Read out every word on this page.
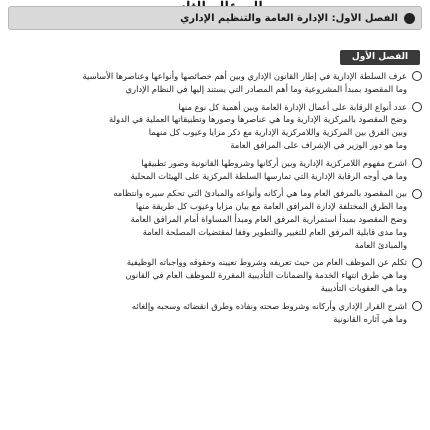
الفصل الأول: الإدارة العامة والتنظيم الإداري
الفصل الأول
عرف السلطة الإدارية في إطار القانون الإداري وبين أهم خصائصها وأنواعها وعناصرها الأساسية
وما المقصود بمبدأ المشروعية وما أهم المصادر التي يستند إليها في النظام الإداري
عدد أنواع الرقابة على أعمال الإدارة العامة وبين أهمية كل نوع منها
وضح المقصود بالمركزية الإدارية وما هي عناصرها وصورها وتطبيقاتها العملية في الدولة
وبين الفرق بين المركزية واللامركزية الإدارية مع ذكر مزايا وعيوب كل منهما
وما هو دور الوزير في الإشراف على المرافق العامة
اشرح مفهوم اللامركزية الإدارية وبين أركانها وشروطها القانونية وصور تطبيقها
وما هي أوجه الرقابة الإدارية التي تمارسها السلطة المركزية على الهيئات المحلية
بين المقصود بالمرفق العام وما هي أركانه وأنواعه والمبادئ التي تحكم سيره وانتظامه
وما الطرق المختلفة لإدارة المرافق العامة مع بيان مزايا وعيوب كل طريقة منها
وضح المقصود بمبدأ استمرارية المرفق العام ومبدأ المساواة أمام المرافق العامة
وما مدى قابلية المرفق العام للتغيير والتطوير وفقا لمقتضيات المصلحة العامة
والمبادئ العامة
تكلم عن الموظف العام من حيث تعريفه وشروط تعيينه وحقوقه وواجباته الوظيفية
وما هي طرق انتهاء الخدمة والضمانات التأديبية المقررة للموظف العام في القانون
وما هي العقوبات التأديبية
اشرح القرار الإداري وأركانه وشروط صحته ونفاذه وطرق انقضائه وسحبه وإلغائه
وما هي آثاره القانونية
